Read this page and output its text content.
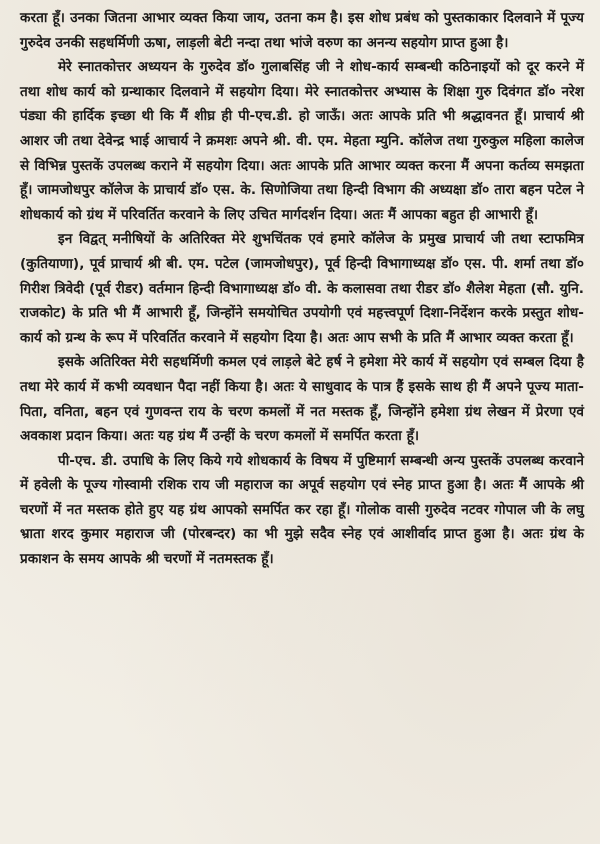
करता हूँ। उनका जितना आभार व्यक्त किया जाय, उतना कम है। इस शोध प्रबंध को पुस्तकाकार दिलवाने में पूज्य गुरुदेव उनकी सहधर्मिणी ऊषा, लाड़ली बेटी नन्दा तथा भांजे वरुण का अनन्य सहयोग प्राप्त हुआ है।

मेरे स्नातकोत्तर अध्ययन के गुरुदेव डॉ० गुलाबसिंह जी ने शोध-कार्य सम्बन्धी कठिनाइयों को दूर करने में तथा शोध कार्य को ग्रन्थाकार दिलवाने में सहयोग दिया। मेरे स्नातकोत्तर अभ्यास के शिक्षा गुरु दिवंगत डॉ० नरेश पंड्या की हार्दिक इच्छा थी कि मैं शीघ्र ही पी-एच.डी. हो जाऊँ। अतः आपके प्रति भी श्रद्धावनत हूँ। प्राचार्य श्री आशर जी तथा देवेन्द्र भाई आचार्य ने क्रमशः अपने श्री. वी. एम. मेहता म्युनि. कॉलेज तथा गुरुकुल महिला कालेज से विभिन्न पुस्तकें उपलब्ध कराने में सहयोग दिया। अतः आपके प्रति आभार व्यक्त करना मैं अपना कर्तव्य समझता हूँ। जामजोधपुर कॉलेज के प्राचार्य डॉ० एस. के. सिणोजिया तथा हिन्दी विभाग की अध्यक्षा डॉ० तारा बहन पटेल ने शोधकार्य को ग्रंथ में परिवर्तित करवाने के लिए उचित मार्गदर्शन दिया। अतः मैं आपका बहुत ही आभारी हूँ।

इन विद्वत् मनीषियों के अतिरिक्त मेरे शुभचिंतक एवं हमारे कॉलेज के प्रमुख प्राचार्य जी तथा स्टाफमित्र (कुतियाणा), पूर्व प्राचार्य श्री बी. एम. पटेल (जामजोधपुर), पूर्व हिन्दी विभागाध्यक्ष डॉ० एस. पी. शर्मा तथा डॉ० गिरीश त्रिवेदी (पूर्व रीडर) वर्तमान हिन्दी विभागाध्यक्ष डॉ० वी. के कलासवा तथा रीडर डॉ० शैलेश मेहता (सौ. युनि. राजकोट) के प्रति भी मैं आभारी हूँ, जिन्होंने समयोचित उपयोगी एवं महत्त्वपूर्ण दिशा-निर्देशन करके प्रस्तुत शोध-कार्य को ग्रन्थ के रूप में परिवर्तित करवाने में सहयोग दिया है। अतः आप सभी के प्रति मैं आभार व्यक्त करता हूँ।

इसके अतिरिक्त मेरी सहधर्मिणी कमल एवं लाड़ले बेटे हर्ष ने हमेशा मेरे कार्य में सहयोग एवं सम्बल दिया है तथा मेरे कार्य में कभी व्यवधान पैदा नहीं किया है। अतः ये साधुवाद के पात्र हैं इसके साथ ही मैं अपने पूज्य माता-पिता, वनिता, बहन एवं गुणवन्त राय के चरण कमलों में नत मस्तक हूँ, जिन्होंने हमेशा ग्रंथ लेखन में प्रेरणा एवं अवकाश प्रदान किया। अतः यह ग्रंथ मैं उन्हीं के चरण कमलों में समर्पित करता हूँ।

पी-एच. डी. उपाधि के लिए किये गये शोधकार्य के विषय में पुष्टिमार्ग सम्बन्धी अन्य पुस्तकें उपलब्ध करवाने में हवेली के पूज्य गोस्वामी रशिक राय जी महाराज का अपूर्व सहयोग एवं स्नेह प्राप्त हुआ है। अतः मैं आपके श्री चरणों में नत मस्तक होते हुए यह ग्रंथ आपको समर्पित कर रहा हूँ। गोलोक वासी गुरुदेव नटवर गोपाल जी के लघु भ्राता शरद कुमार महाराज जी (पोरबन्दर) का भी मुझे सदैव स्नेह एवं आशीर्वाद प्राप्त हुआ है। अतः ग्रंथ के प्रकाशन के समय आपके श्री चरणों में नतमस्तक हूँ।
